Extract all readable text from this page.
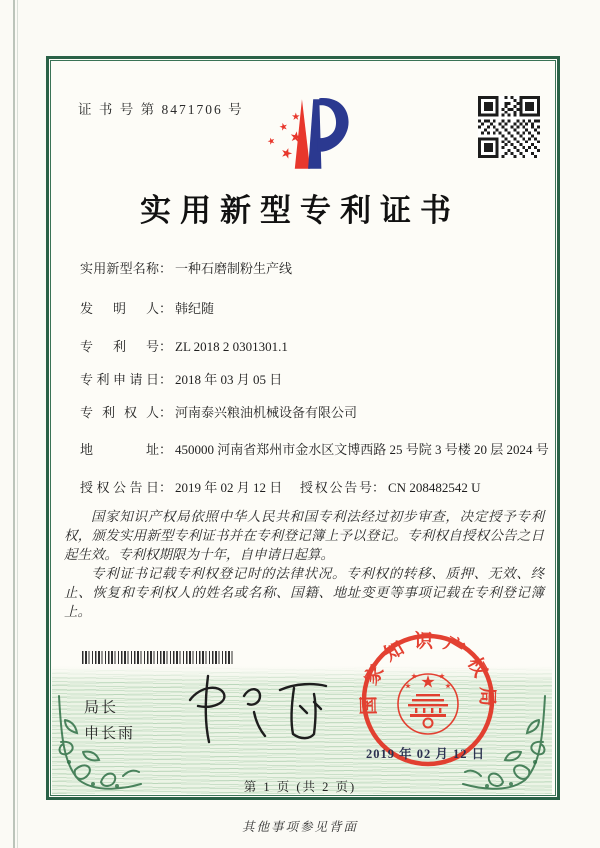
证 书 号 第 8471706 号
实用新型专利证书
实用新型名称 ： 一种石磨制粉生产线
发明人 ： 韩纪随
专利号 ： ZL 2018 2 0301301.1
专利申请日 ： 2018 年 03 月 05 日
专利权人 ： 河南泰兴粮油机械设备有限公司
地址 ： 450000 河南省郑州市金水区文博西路 25 号院 3 号楼 20 层 2024 号
授权公告日 ： 2019 年 02 月 12 日 授权公告号 ： CN 208482542 U

国家知识产权局依照中华人民共和国专利法经过初步审查，决定授予专利权，颁发实用新型专利证书并在专利登记簿上予以登记。专利权自授权公告之日起生效。专利权期限为十年，自申请日起算。

专利证书记载专利权登记时的法律状况。专利权的转移、质押、无效、终止、恢复和专利权人的姓名或名称、国籍、地址变更等事项记载在专利登记簿上。

局长
申长雨
国家知识产权局
2019 年 02 月 12 日
第 1 页 (共 2 页)
其他事项参见背面
